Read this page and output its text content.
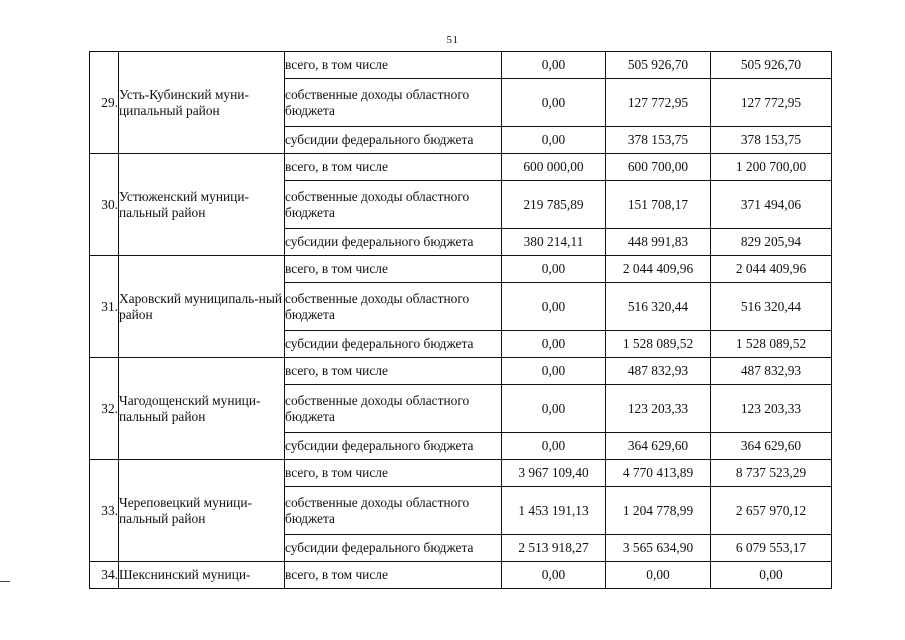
51
29.	Усть-Кубинский муни-ципальный район	всего, в том числе	0,00	505 926,70	505 926,70
		собственные доходы областного бюджета	0,00	127 772,95	127 772,95
		субсидии федерального бюджета	0,00	378 153,75	378 153,75
30.	Устюженский муници-пальный район	всего, в том числе	600 000,00	600 700,00	1 200 700,00
		собственные доходы областного бюджета	219 785,89	151 708,17	371 494,06
		субсидии федерального бюджета	380 214,11	448 991,83	829 205,94
31.	Харовский муниципаль-ный район	всего, в том числе	0,00	2 044 409,96	2 044 409,96
		собственные доходы областного бюджета	0,00	516 320,44	516 320,44
		субсидии федерального бюджета	0,00	1 528 089,52	1 528 089,52
32.	Чагодощенский муници-пальный район	всего, в том числе	0,00	487 832,93	487 832,93
		собственные доходы областного бюджета	0,00	123 203,33	123 203,33
		субсидии федерального бюджета	0,00	364 629,60	364 629,60
33.	Череповецкий муници-пальный район	всего, в том числе	3 967 109,40	4 770 413,89	8 737 523,29
		собственные доходы областного бюджета	1 453 191,13	1 204 778,99	2 657 970,12
		субсидии федерального бюджета	2 513 918,27	3 565 634,90	6 079 553,17
34.	Шекснинский муници-	всего, в том числе	0,00	0,00	0,00
